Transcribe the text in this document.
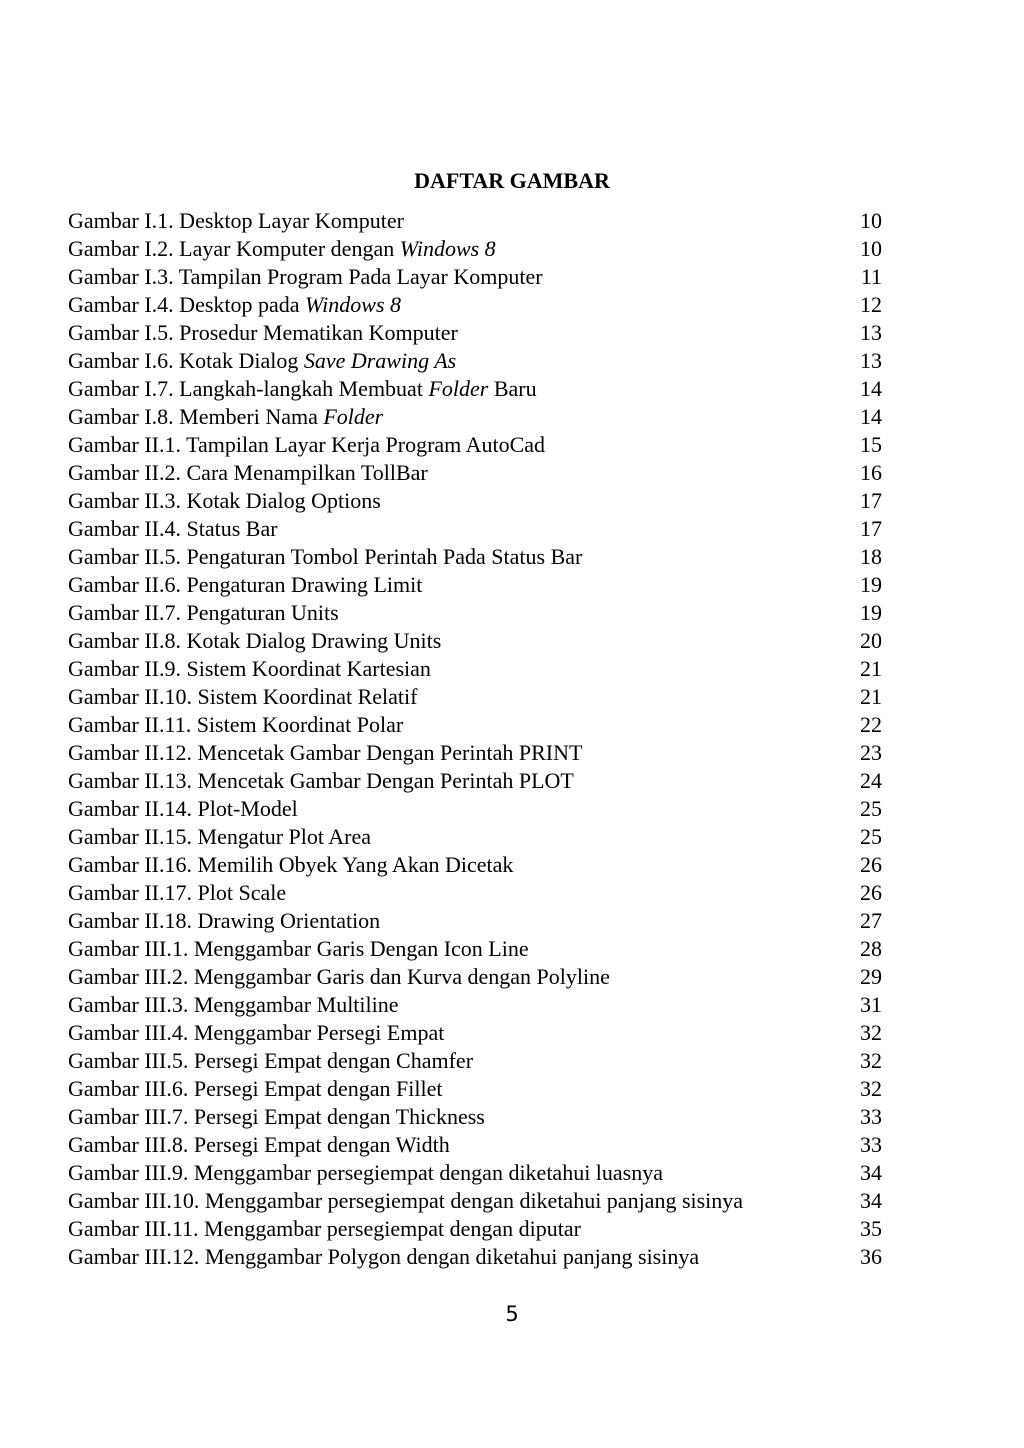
DAFTAR GAMBAR
Gambar I.1. Desktop Layar Komputer	10
Gambar I.2. Layar Komputer dengan Windows 8	10
Gambar I.3. Tampilan Program Pada Layar Komputer	11
Gambar I.4. Desktop pada Windows 8	12
Gambar I.5. Prosedur Mematikan Komputer	13
Gambar I.6. Kotak Dialog Save Drawing As	13
Gambar I.7. Langkah-langkah Membuat Folder Baru	14
Gambar I.8. Memberi Nama Folder	14
Gambar II.1. Tampilan Layar Kerja Program AutoCad	15
Gambar II.2. Cara Menampilkan TollBar	16
Gambar II.3. Kotak Dialog Options	17
Gambar II.4. Status Bar	17
Gambar II.5. Pengaturan Tombol Perintah Pada Status Bar	18
Gambar II.6. Pengaturan Drawing Limit	19
Gambar II.7. Pengaturan Units	19
Gambar II.8. Kotak Dialog Drawing Units	20
Gambar II.9. Sistem Koordinat Kartesian	21
Gambar II.10. Sistem Koordinat Relatif	21
Gambar II.11. Sistem Koordinat Polar	22
Gambar II.12. Mencetak Gambar Dengan Perintah PRINT	23
Gambar II.13. Mencetak Gambar Dengan Perintah PLOT	24
Gambar II.14. Plot-Model	25
Gambar II.15. Mengatur Plot Area	25
Gambar II.16. Memilih Obyek Yang Akan Dicetak	26
Gambar II.17. Plot Scale	26
Gambar II.18. Drawing Orientation	27
Gambar III.1. Menggambar Garis Dengan Icon Line	28
Gambar III.2. Menggambar Garis dan Kurva dengan Polyline	29
Gambar III.3. Menggambar Multiline	31
Gambar III.4. Menggambar Persegi Empat	32
Gambar III.5. Persegi Empat dengan Chamfer	32
Gambar III.6. Persegi Empat dengan Fillet	32
Gambar III.7. Persegi Empat dengan Thickness	33
Gambar III.8. Persegi Empat dengan Width	33
Gambar III.9. Menggambar persegiempat dengan diketahui luasnya	34
Gambar III.10. Menggambar persegiempat dengan diketahui panjang sisinya	34
Gambar III.11. Menggambar persegiempat dengan diputar	35
Gambar III.12. Menggambar Polygon dengan diketahui panjang sisinya	36
5
